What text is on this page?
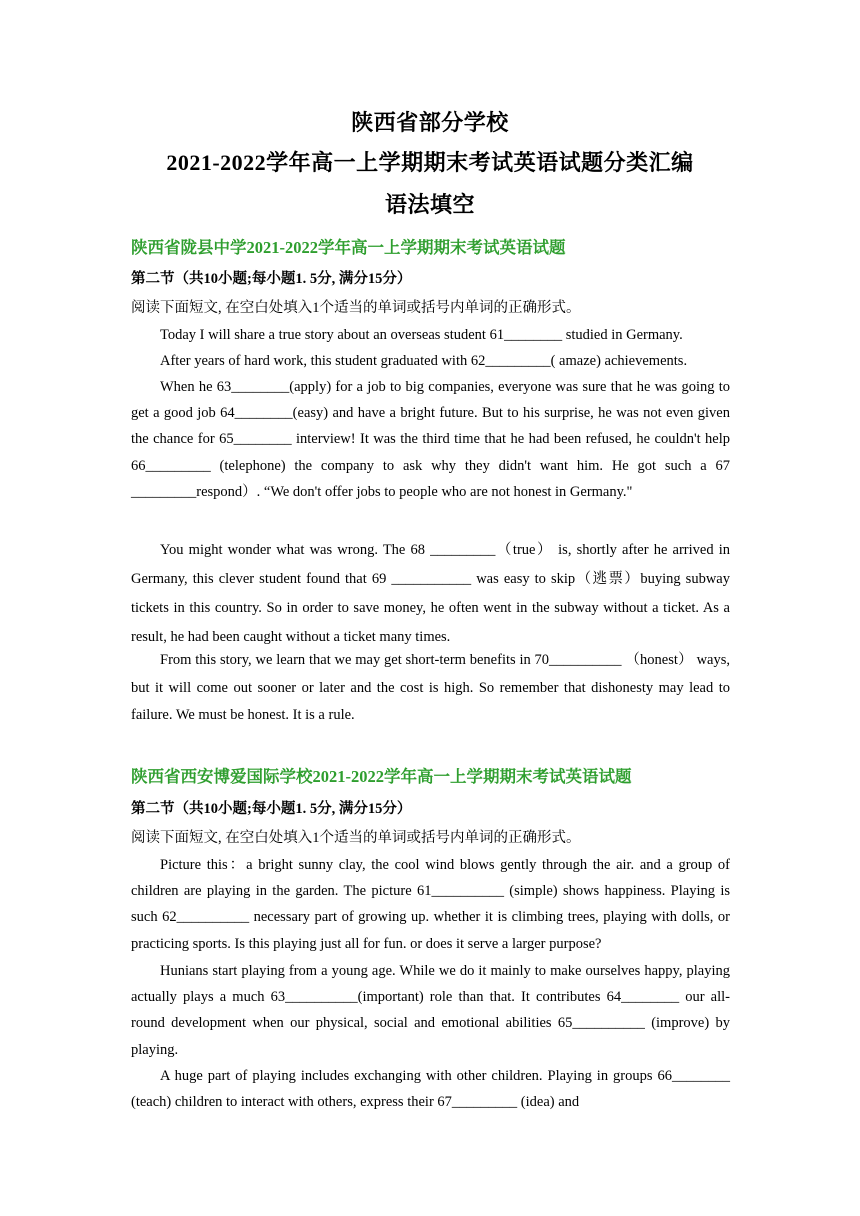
陕西省部分学校
2021-2022学年高一上学期期末考试英语试题分类汇编
语法填空
陕西省陇县中学2021-2022学年高一上学期期末考试英语试题
第二节（共10小题;每小题1. 5分, 满分15分）
阅读下面短文, 在空白处填入1个适当的单词或括号内单词的正确形式。

Today I will share a true story about an overseas student 61________ studied in Germany.

After years of hard work, this student graduated with 62_________( amaze) achievements.

When he 63________(apply) for a job to big companies, everyone was sure that he was going to get a good job 64________(easy) and have a bright future. But to his surprise, he was not even given the chance for 65________ interview! It was the third time that he had been refused, he couldn't help 66_________ (telephone) the company to ask why they didn't want him. He got such a 67 _________respond）. “We don't offer jobs to people who are not honest in Germany."

You might wonder what was wrong. The 68 _________（true） is, shortly after he arrived in Germany, this clever student found that 69 ___________ was easy to skip（逃票）buying subway tickets in this country. So in order to save money, he often went in the subway without a ticket. As a result, he had been caught without a ticket many times.

From this story, we learn that we may get short-term benefits in 70__________ （honest） ways, but it will come out sooner or later and the cost is high. So remember that dishonesty may lead to failure. We must be honest. It is a rule.

陕西省西安博爱国际学校2021-2022学年高一上学期期末考试英语试题
第二节（共10小题;每小题1. 5分, 满分15分）
阅读下面短文, 在空白处填入1个适当的单词或括号内单词的正确形式。

Picture this：a bright sunny clay, the cool wind blows gently through the air. and a group of children are playing in the garden. The picture 61__________ (simple) shows happiness. Playing is such 62__________ necessary part of growing up. whether it is climbing trees, playing with dolls, or practicing sports. Is this playing just all for fun. or does it serve a larger purpose?

Hunians start playing from a young age. While we do it mainly to make ourselves happy, playing actually plays a much 63__________(important) role than that. It contributes 64________ our all-round development when our physical, social and emotional abilities 65__________ (improve) by playing.

A huge part of playing includes exchanging with other children. Playing in groups 66________ (teach) children to interact with others, express their 67_________ (idea) and
